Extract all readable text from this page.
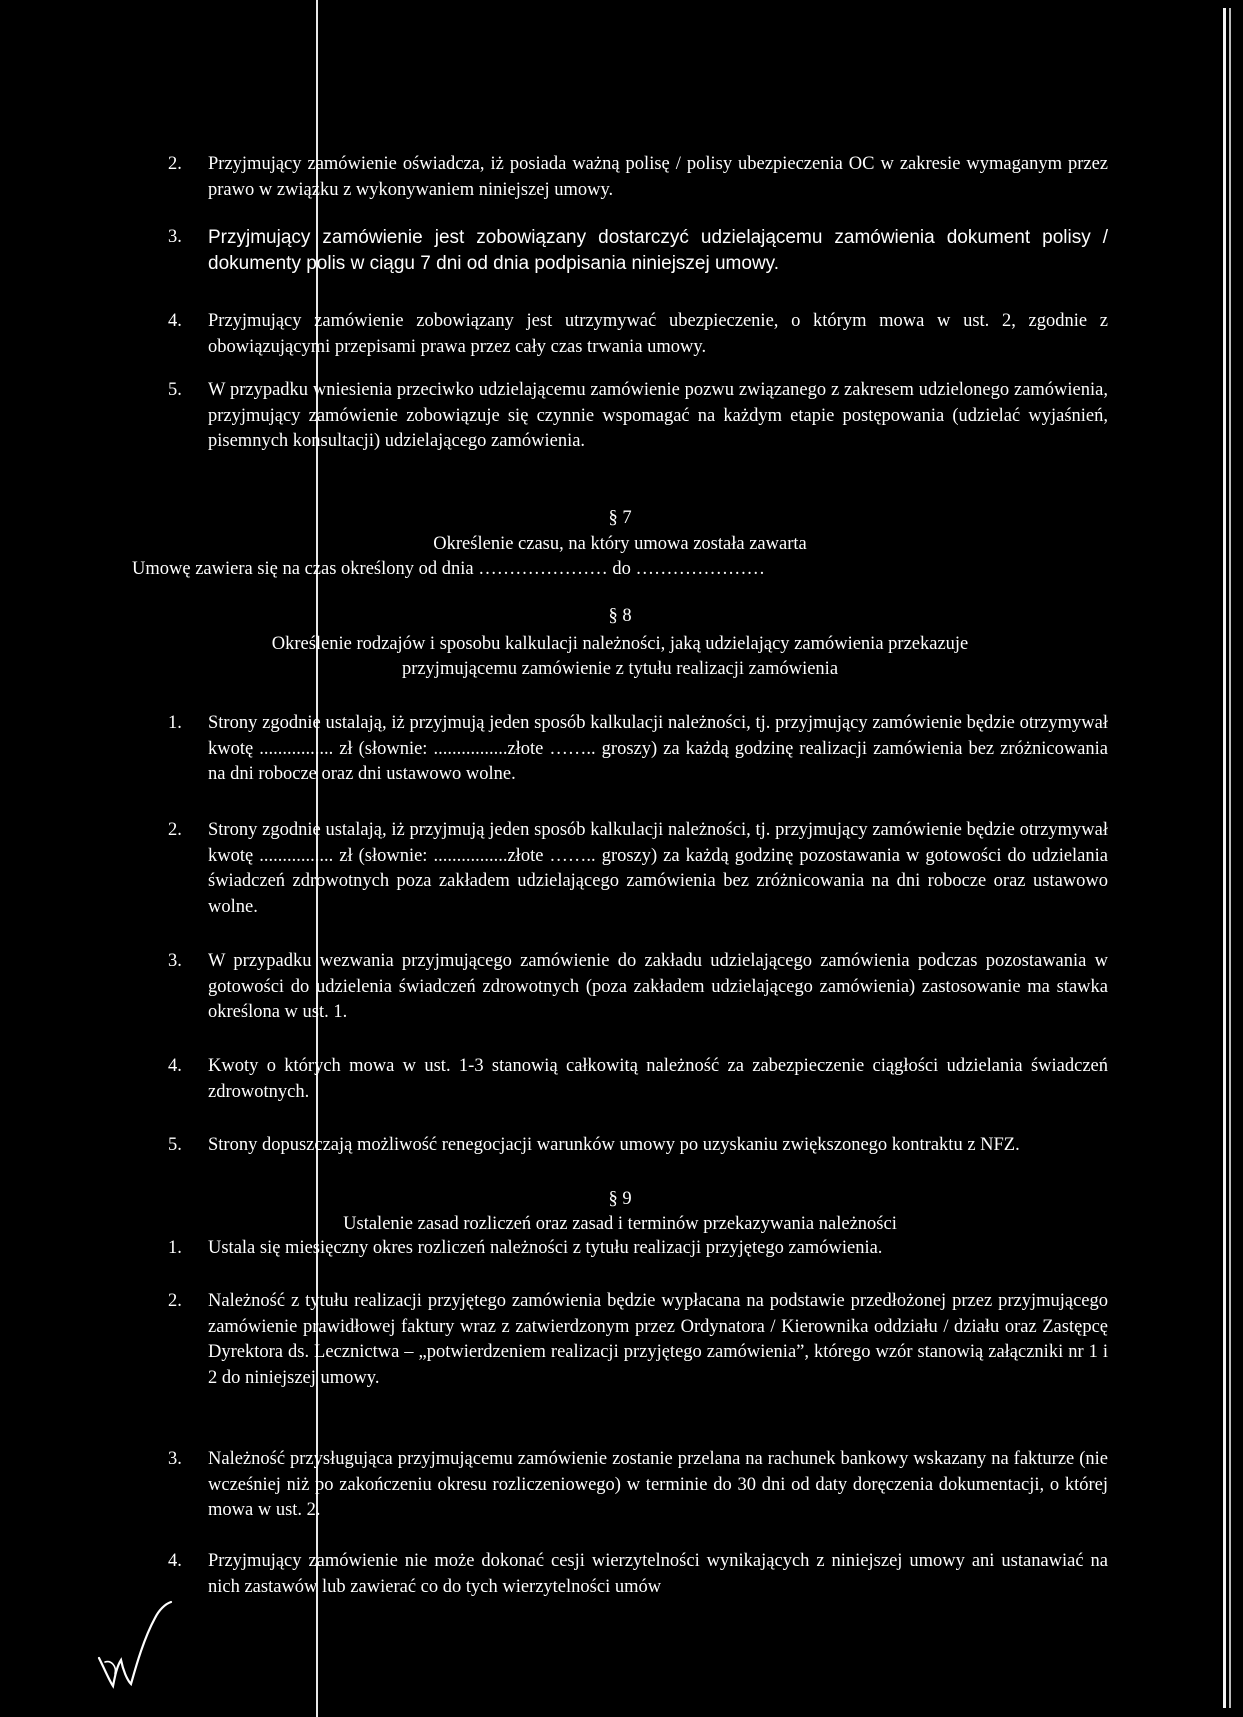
2.	Przyjmujący zamówienie oświadcza, iż posiada ważną polisę / polisy ubezpieczenia OC w zakresie wymaganym przez prawo w związku z wykonywaniem niniejszej umowy.
3.	Przyjmujący zamówienie jest zobowiązany dostarczyć udzielającemu zamówienia dokument polisy / dokumenty polis w ciągu 7 dni od dnia podpisania niniejszej umowy.
4.	Przyjmujący zamówienie zobowiązany jest utrzymywać ubezpieczenie, o którym mowa w ust. 2, zgodnie z obowiązującymi przepisami prawa przez cały czas trwania umowy.
5.	W przypadku wniesienia przeciwko udzielającemu zamówienie pozwu związanego z zakresem udzielonego zamówienia, przyjmujący zamówienie zobowiązuje się czynnie wspomagać na każdym etapie postępowania (udzielać wyjaśnień, pisemnych konsultacji) udzielającego zamówienia.
§ 7
Określenie czasu, na który umowa została zawarta
Umowę zawiera się na czas określony od dnia ………………… do …………………
§ 8
Określenie rodzajów i sposobu kalkulacji należności, jaką udzielający zamówienia przekazuje
przyjmującemu zamówienie z tytułu realizacji zamówienia
1.	Strony zgodnie ustalają, iż przyjmują jeden sposób kalkulacji należności, tj. przyjmujący zamówienie będzie otrzymywał kwotę ................ zł (słownie: ................złote …….. groszy) za każdą godzinę realizacji zamówienia bez zróżnicowania na dni robocze oraz dni ustawowo wolne.
2.	Strony zgodnie ustalają, iż przyjmują jeden sposób kalkulacji należności, tj. przyjmujący zamówienie będzie otrzymywał kwotę ................ zł (słownie: ................złote …….. groszy) za każdą godzinę pozostawania w gotowości do udzielania świadczeń zdrowotnych poza zakładem udzielającego zamówienia bez zróżnicowania na dni robocze oraz ustawowo wolne.
3.	W przypadku wezwania przyjmującego zamówienie do zakładu udzielającego zamówienia podczas pozostawania w gotowości do udzielenia świadczeń zdrowotnych (poza zakładem udzielającego zamówienia) zastosowanie ma stawka określona w ust. 1.
4.	Kwoty o których mowa w ust. 1-3 stanowią całkowitą należność za zabezpieczenie ciągłości udzielania świadczeń zdrowotnych.
5.	Strony dopuszczają możliwość renegocjacji warunków umowy po uzyskaniu zwiększonego kontraktu z NFZ.
§ 9
Ustalenie zasad rozliczeń oraz zasad i terminów przekazywania należności
1.	Ustala się miesięczny okres rozliczeń należności z tytułu realizacji przyjętego zamówienia.
2.	Należność z tytułu realizacji przyjętego zamówienia będzie wypłacana na podstawie przedłożonej przez przyjmującego zamówienie prawidłowej faktury wraz z zatwierdzonym przez Ordynatora / Kierownika oddziału / działu oraz Zastępcę Dyrektora ds. Lecznictwa – „potwierdzeniem realizacji przyjętego zamówienia”, którego wzór stanowią załączniki nr 1 i 2 do niniejszej umowy.
3.	Należność przysługująca przyjmującemu zamówienie zostanie przelana na rachunek bankowy wskazany na fakturze (nie wcześniej niż po zakończeniu okresu rozliczeniowego) w terminie do 30 dni od daty doręczenia dokumentacji, o której mowa w ust. 2.
4.	Przyjmujący zamówienie nie może dokonać cesji wierzytelności wynikających z niniejszej umowy ani ustanawiać na nich zastawów lub zawierać co do tych wierzytelności umów
